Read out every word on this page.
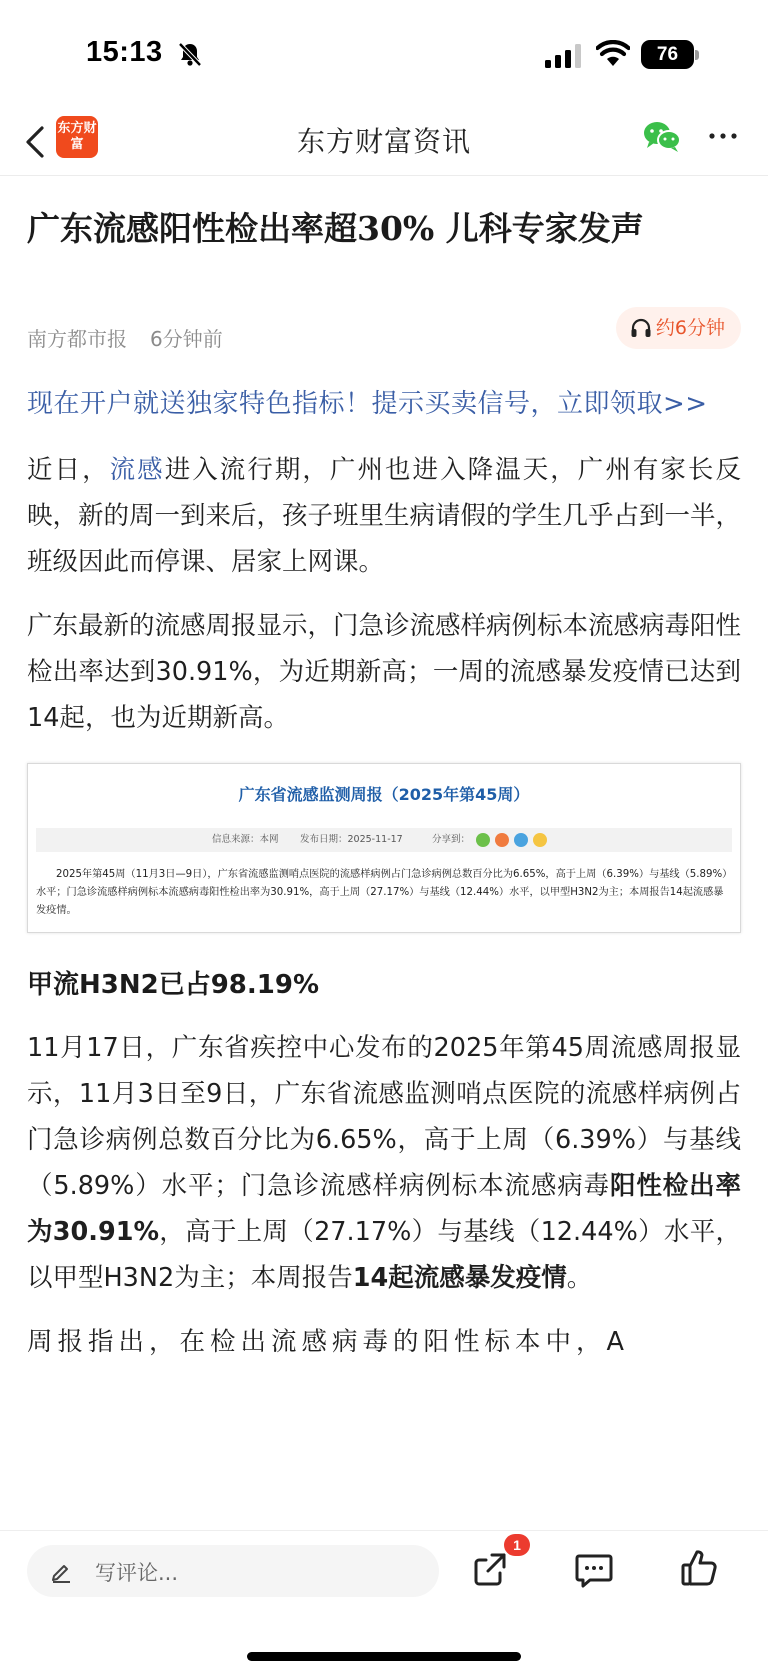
15:13	76
东方财富	东方财富资讯
广东流感阳性检出率超30% 儿科专家发声
南方都市报 6分钟前	约6分钟
现在开户就送独家特色指标！提示买卖信号，立即领取>>
近日，流感进入流行期，广州也进入降温天，广州有家长反映，新的周一到来后，孩子班里生病请假的学生几乎占到一半，班级因此而停课、居家上网课。
广东最新的流感周报显示，门急诊流感样病例标本流感病毒阳性检出率达到30.91%，为近期新高；一周的流感暴发疫情已达到14起，也为近期新高。
广东省流感监测周报（2025年第45周）
信息来源：本网 发布日期：2025-11-17	分享到：
2025年第45周（11月3日—9日），广东省流感监测哨点医院的流感样病例占门急诊病例总数百分比为6.65%，高于上周（6.39%）与基线（5.89%）水平；门急诊流感样病例标本流感病毒阳性检出率为30.91%，高于上周（27.17%）与基线（12.44%）水平，以甲型H3N2为主；本周报告14起流感暴发疫情。
甲流H3N2已占98.19%
11月17日，广东省疾控中心发布的2025年第45周流感周报显示，11月3日至9日，广东省流感监测哨点医院的流感样病例占门急诊病例总数百分比为6.65%，高于上周（6.39%）与基线（5.89%）水平；门急诊流感样病例标本流感病毒阳性检出率为30.91%，高于上周（27.17%）与基线（12.44%）水平，以甲型H3N2为主；本周报告14起流感暴发疫情。
周报指出，在检出流感病毒的阳性标本中，A
写评论...
1
